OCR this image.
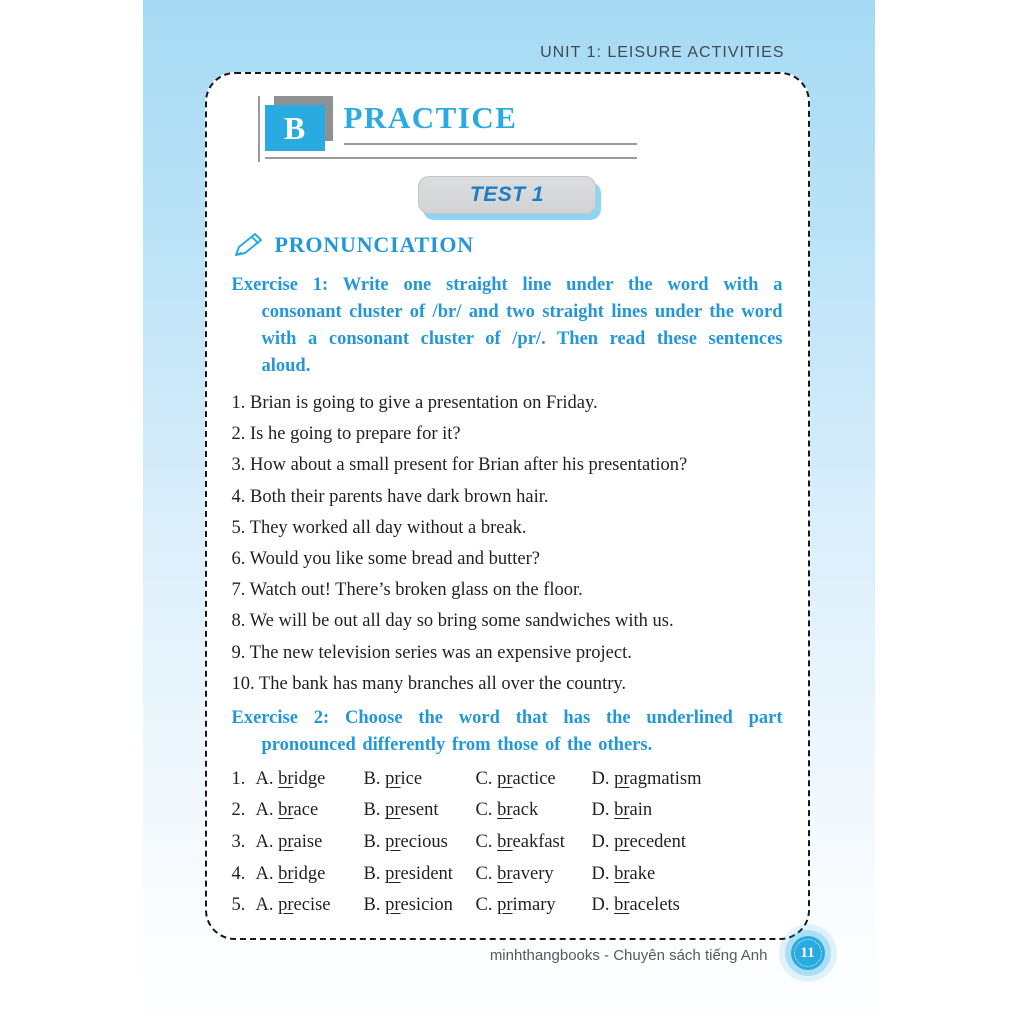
UNIT 1: LEISURE ACTIVITIES
B PRACTICE
TEST 1
PRONUNCIATION

Exercise 1: Write one straight line under the word with a consonant cluster of /br/ and two straight lines under the word with a consonant cluster of /pr/. Then read these sentences aloud.

1. Brian is going to give a presentation on Friday.
2. Is he going to prepare for it?
3. How about a small present for Brian after his presentation?
4. Both their parents have dark brown hair.
5. They worked all day without a break.
6. Would you like some bread and butter?
7. Watch out! There’s broken glass on the floor.
8. We will be out all day so bring some sandwiches with us.
9. The new television series was an expensive project.
10. The bank has many branches all over the country.

Exercise 2: Choose the word that has the underlined part pronounced differently from those of the others.

1. A. bridge	B. price	C. practice	D. pragmatism
2. A. brace	B. present	C. brack	D. brain
3. A. praise	B. precious	C. breakfast	D. precedent
4. A. bridge	B. president	C. bravery	D. brake
5. A. precise	B. presicion	C. primary	D. bracelets
minhthangbooks - Chuyên sách tiếng Anh 11
